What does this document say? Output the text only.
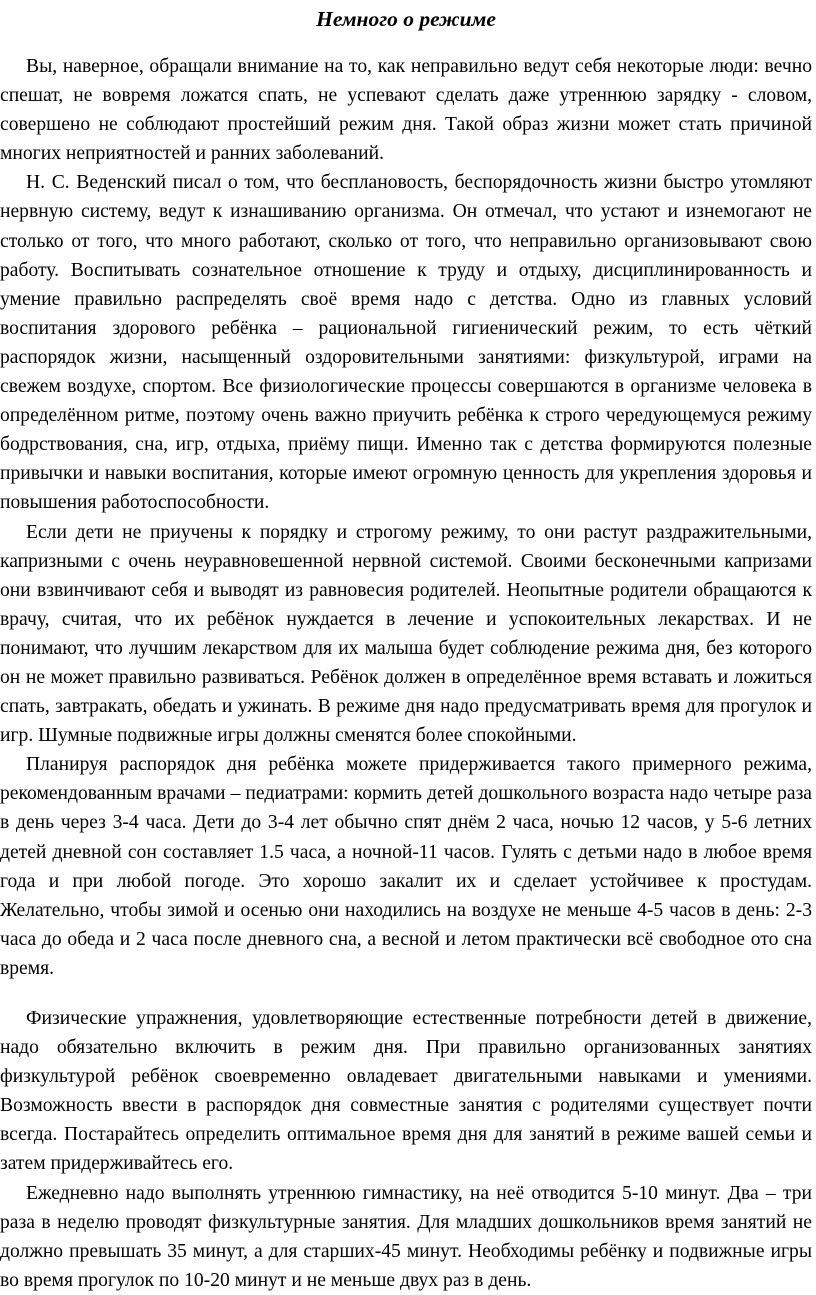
Немного о режиме

Вы, наверное, обращали внимание на то, как неправильно ведут себя некоторые люди: вечно спешат, не вовремя ложатся спать, не успевают сделать даже утреннюю зарядку - словом, совершено не соблюдают простейший режим дня. Такой образ жизни может стать причиной многих неприятностей и ранних заболеваний.

Н. С. Веденский писал о том, что бесплановость, беспорядочность жизни быстро утомляют нервную систему, ведут к изнашиванию организма. Он отмечал, что устают и изнемогают не столько от того, что много работают, сколько от того, что неправильно организовывают свою работу. Воспитывать сознательное отношение к труду и отдыху, дисциплинированность и умение правильно распределять своё время надо с детства. Одно из главных условий воспитания здорового ребёнка – рациональной гигиенический режим, то есть чёткий распорядок жизни, насыщенный оздоровительными занятиями: физкультурой, играми на свежем воздухе, спортом. Все физиологические процессы совершаются в организме человека в определённом ритме, поэтому очень важно приучить ребёнка к строго чередующемуся режиму бодрствования, сна, игр, отдыха, приёму пищи. Именно так с детства формируются полезные привычки и навыки воспитания, которые имеют огромную ценность для укрепления здоровья и повышения работоспособности.

Если дети не приучены к порядку и строгому режиму, то они растут раздражительными, капризными с очень неуравновешенной нервной системой. Своими бесконечными капризами они взвинчивают себя и выводят из равновесия родителей. Неопытные родители обращаются к врачу, считая, что их ребёнок нуждается в лечение и успокоительных лекарствах. И не понимают, что лучшим лекарством для их малыша будет соблюдение режима дня, без которого он не может правильно развиваться. Ребёнок должен в определённое время вставать и ложиться спать, завтракать, обедать и ужинать. В режиме дня надо предусматривать время для прогулок и игр. Шумные подвижные игры должны сменятся более спокойными.

Планируя распорядок дня ребёнка можете придерживается такого примерного режима, рекомендованным врачами – педиатрами: кормить детей дошкольного возраста надо четыре раза в день через 3-4 часа. Дети до 3-4 лет обычно спят днём 2 часа, ночью 12 часов, у 5-6 летних детей дневной сон составляет 1.5 часа, а ночной-11 часов. Гулять с детьми надо в любое время года и при любой погоде. Это хорошо закалит их и сделает устойчивее к простудам. Желательно, чтобы зимой и осенью они находились на воздухе не меньше 4-5 часов в день: 2-3 часа до обеда и 2 часа после дневного сна, а весной и летом практически всё свободное ото сна время.

Физические упражнения, удовлетворяющие естественные потребности детей в движение, надо обязательно включить в режим дня. При правильно организованных занятиях физкультурой ребёнок своевременно овладевает двигательными навыками и умениями. Возможность ввести в распорядок дня совместные занятия с родителями существует почти всегда. Постарайтесь определить оптимальное время дня для занятий в режиме вашей семьи и затем придерживайтесь его.

Ежедневно надо выполнять утреннюю гимнастику, на неё отводится 5-10 минут. Два – три раза в неделю проводят физкультурные занятия. Для младших дошкольников время занятий не должно превышать 35 минут, а для старших-45 минут. Необходимы ребёнку и подвижные игры во время прогулок по 10-20 минут и не меньше двух раз в день.
